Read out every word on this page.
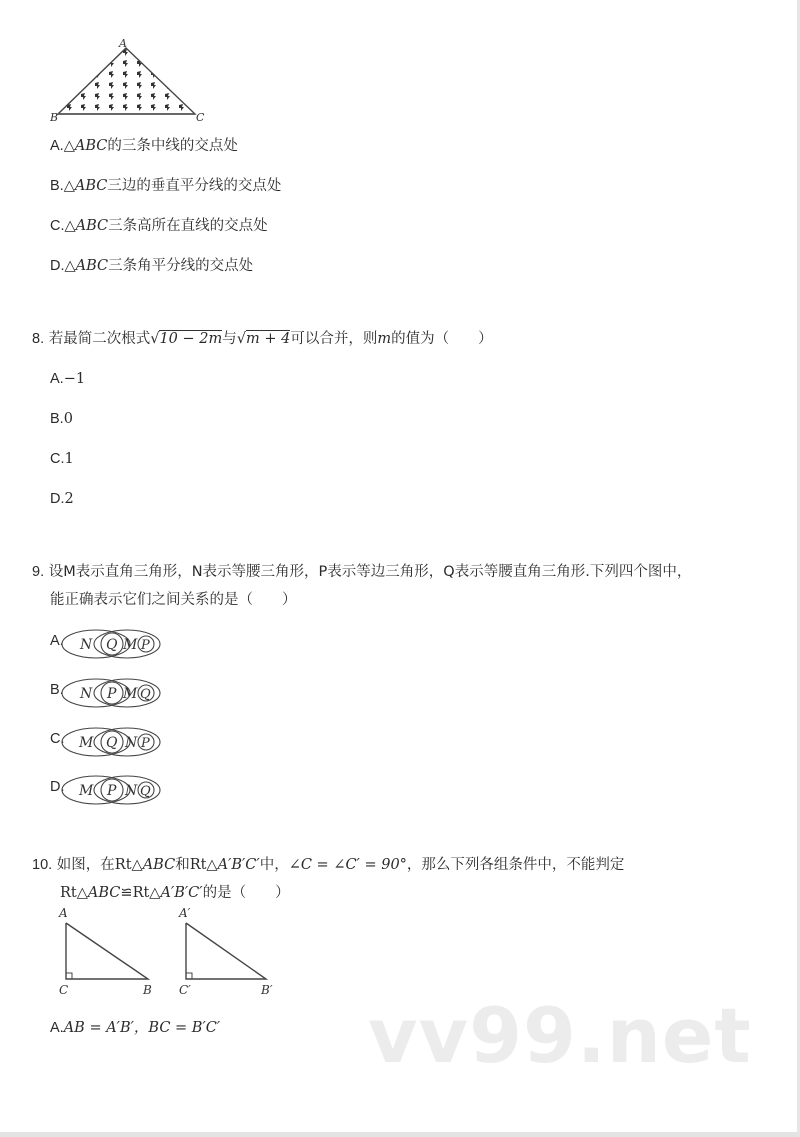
A
B	C
A.△ABC的三条中线的交点处
B.△ABC三边的垂直平分线的交点处
C.△ABC三条高所在直线的交点处
D.△ABC三条角平分线的交点处
8. 若最简二次根式√10 − 2m与√m + 4可以合并，则m的值为（　　）
A.−1
B.0
C.1
D.2
9. 设M表示直角三角形，N表示等腰三角形，P表示等边三角形，Q表示等腰直角三角形.下列四个图中，
能正确表示它们之间关系的是（　　）
A. N Q M P
B. N P M Q
C. M Q N P
D. M P N Q
10. 如图，在Rt△ABC和Rt△A′B′C′中，∠C = ∠C′ = 90°，那么下列各组条件中，不能判定
Rt△ABC≌Rt△A′B′C′的是（　　）
A
C	B
A′
C′	B′
A.AB = A′B′，BC = B′C′ vv99.net
